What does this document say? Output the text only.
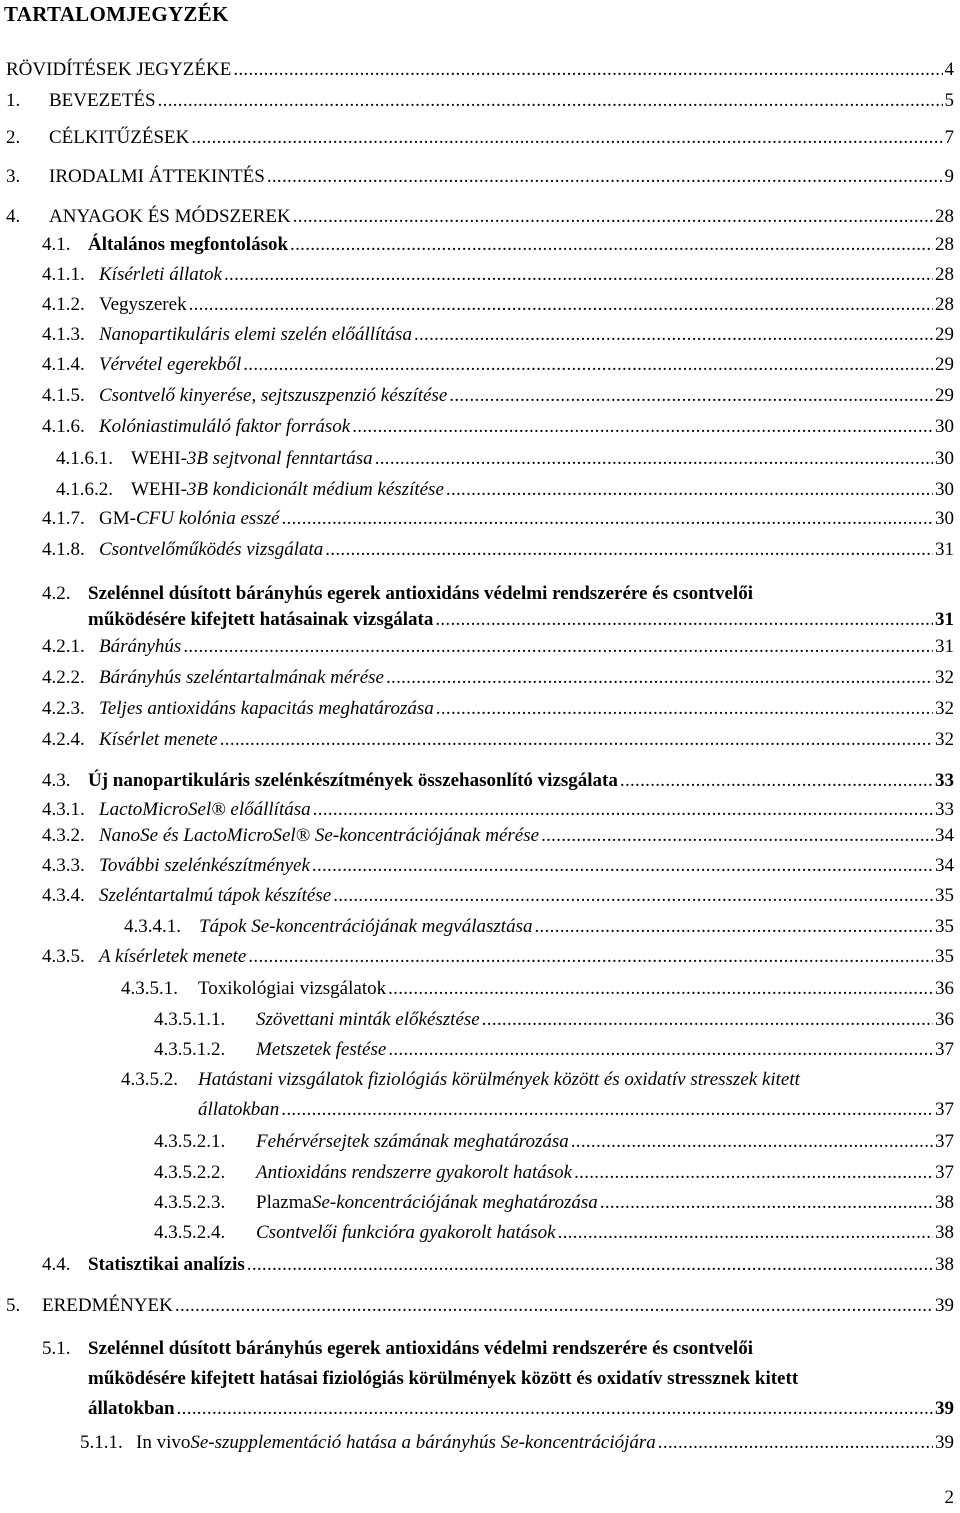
TARTALOMJEGYZÉK
RÖVIDÍTÉSEK JEGYZÉKE .....	4
1.	BEVEZETÉS .....	5
2.	CÉLKITŰZÉSEK .....	7
3.	IRODALMI ÁTTEKINTÉS .....	9
4.	ANYAGOK ÉS MÓDSZEREK .....	28
4.1. Általános megfontolások .....	28
4.1.1. Kísérleti állatok .....	28
4.1.2. Vegyszerek .....	28
4.1.3. Nanopartikuláris elemi szelén előállítása .....	29
4.1.4. Vérvétel egerekből .....	29
4.1.5. Csontvelő kinyerése, sejtszuszpenzió készítése .....	29
4.1.6. Kolóniastimuláló faktor források .....	30
4.1.6.1. WEHI- 3B sejtvonal fenntartása .....	30
4.1.6.2. WEHI- 3B kondicionált médium készítése .....	30
4.1.7. GM- CFU kolónia esszé .....	30
4.1.8. Csontvelőműködés vizsgálata .....	31
4.2. Szelénnel dúsított bárányhús egerek antioxidáns védelmi rendszerére és csontvelői
működésére kifejtett hatásainak vizsgálata .....	31
4.2.1. Bárányhús .....	31
4.2.2. Bárányhús szeléntartalmának mérése .....	32
4.2.3. Teljes antioxidáns kapacitás meghatározása .....	32
4.2.4. Kísérlet menete .....	32
4.3. Új nanopartikuláris szelénkészítmények összehasonlító vizsgálata .....	33
4.3.1. LactoMicroSel® előállítása .....	33
4.3.2. NanoSe és LactoMicroSel® Se-koncentrációjának mérése .....	34
4.3.3. További szelénkészítmények .....	34
4.3.4. Szeléntartalmú tápok készítése .....	35
4.3.4.1. Tápok Se-koncentrációjának megválasztása .....	35
4.3.5. A kísérletek menete .....	35
4.3.5.1.	Toxikológiai vizsgálatok .....	36
4.3.5.1.1.	Szövettani minták előkésztése .....	36
4.3.5.1.2.	Metszetek festése .....	37
4.3.5.2. Hatástani vizsgálatok fiziológiás körülmények között és oxidatív stresszek kitett
állatokban .....	37
4.3.5.2.1.	Fehérvérsejtek számának meghatározása .....	37
4.3.5.2.2.	Antioxidáns rendszerre gyakorolt hatások .....	37
4.3.5.2.3.	Plazma Se-koncentrációjának meghatározása .....	38
4.3.5.2.4.	Csontvelői funkcióra gyakorolt hatások .....	38
4.4. Statisztikai analízis .....	38
5.	EREDMÉNYEK .....	39
5.1. Szelénnel dúsított bárányhús egerek antioxidáns védelmi rendszerére és csontvelői
működésére kifejtett hatásai fiziológiás körülmények között és oxidatív stressznek kitett
állatokban .....	39
5.1.1. In vivo Se-szupplementáció hatása a bárányhús Se-koncentrációjára .....	39
2
